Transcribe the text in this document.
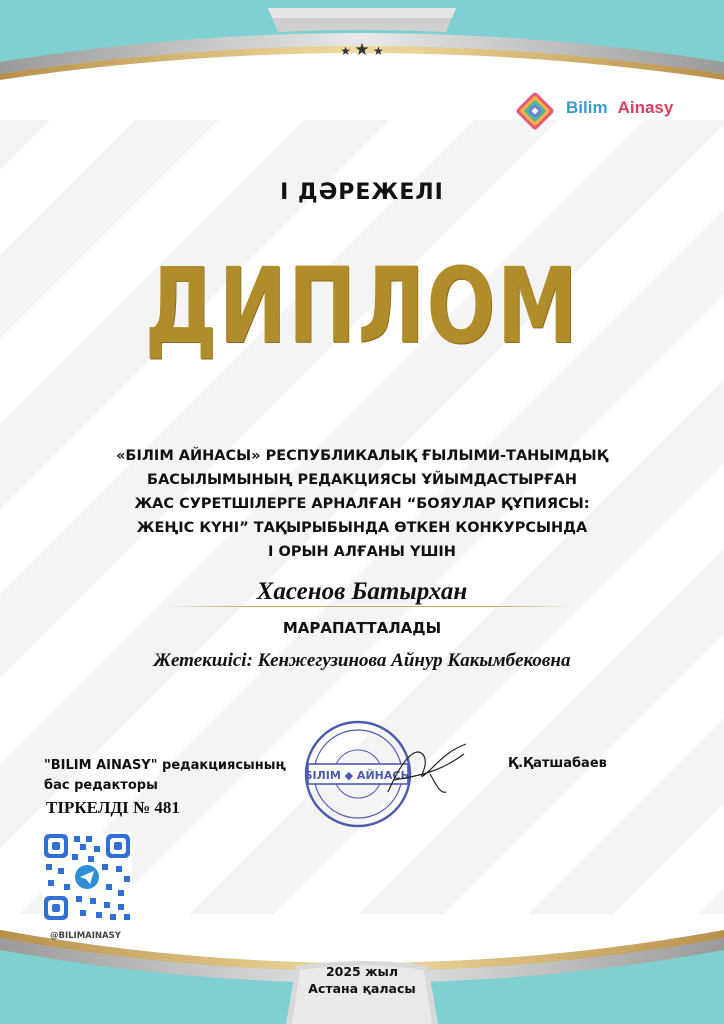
★ ★ ★
Bilim Ainasy
I ДӘРЕЖЕЛІ
ДИПЛОМ
«БІЛІМ АЙНАСЫ» РЕСПУБЛИКАЛЫҚ ҒЫЛЫМИ-ТАНЫМДЫҚ
БАСЫЛЫМЫНЫҢ РЕДАКЦИЯСЫ ҰЙЫМДАСТЫРҒАН
ЖАС СУРЕТШІЛЕРГЕ АРНАЛҒАН “БОЯУЛАР ҚҰПИЯСЫ:
ЖЕҢІС КҮНІ” ТАҚЫРЫБЫНДА ӨТКЕН КОНКУРСЫНДА
I ОРЫН АЛҒАНЫ ҮШІН
Хасенов Батырхан
МАРАПАТТАЛАДЫ
Жетекшісі: Кенжегузинова Айнур Какымбековна
"BILIM AINASY" редакциясының
бас редакторы
ТІРКЕЛДІ № 481
Қ.Қатшабаев
БІЛІМ ◆ АЙНАСЫ
@BILIMAINASY
2025 жыл
Астана қаласы
